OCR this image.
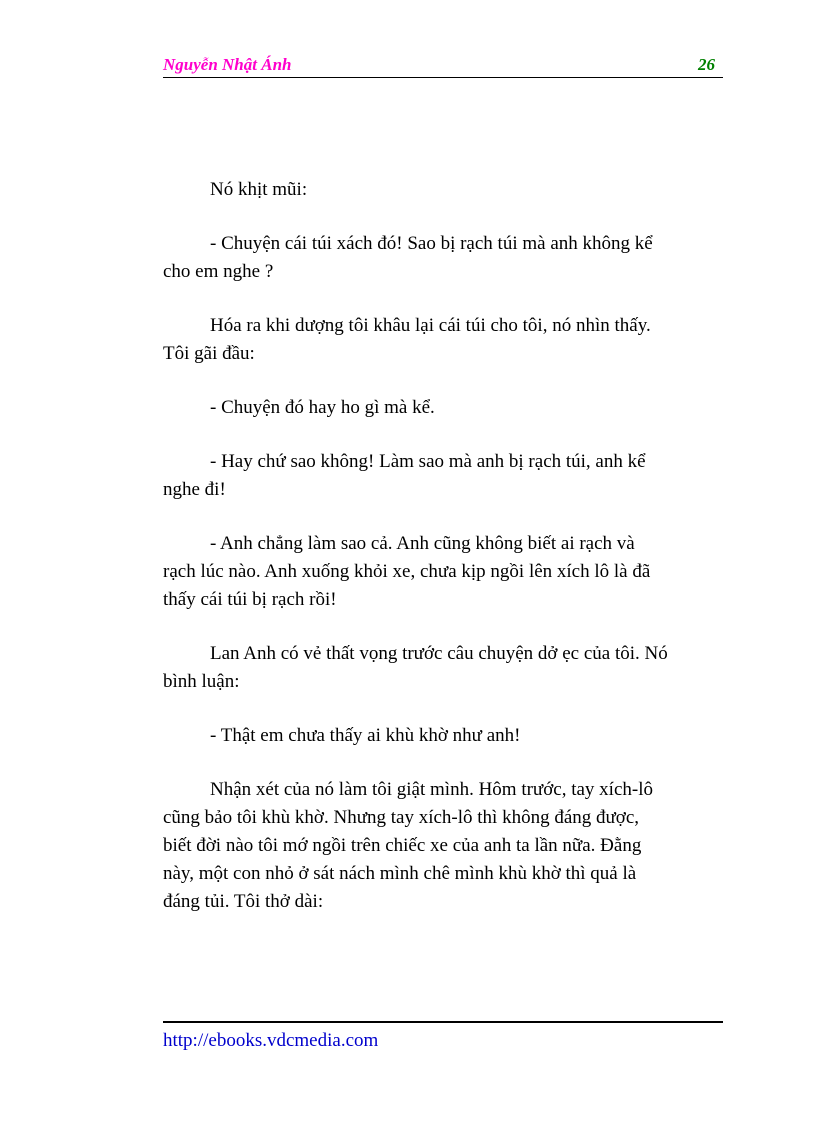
Nguyễn Nhật Ánh	26

Nó khịt mũi:

- Chuyện cái túi xách đó! Sao bị rạch túi mà anh không kể
cho em nghe ?

Hóa ra khi dượng tôi khâu lại cái túi cho tôi, nó nhìn thấy.
Tôi gãi đầu:

- Chuyện đó hay ho gì mà kể.

- Hay chứ sao không! Làm sao mà anh bị rạch túi, anh kể
nghe đi!

- Anh chẳng làm sao cả. Anh cũng không biết ai rạch và
rạch lúc nào. Anh xuống khỏi xe, chưa kịp ngồi lên xích lô là đã
thấy cái túi bị rạch rồi!

Lan Anh có vẻ thất vọng trước câu chuyện dở ẹc của tôi. Nó
bình luận:

- Thật em chưa thấy ai khù khờ như anh!

Nhận xét của nó làm tôi giật mình. Hôm trước, tay xích-lô
cũng bảo tôi khù khờ. Nhưng tay xích-lô thì không đáng được,
biết đời nào tôi mớ ngồi trên chiếc xe của anh ta lần nữa. Đằng
này, một con nhỏ ở sát nách mình chê mình khù khờ thì quả là
đáng tủi. Tôi thở dài:

http://ebooks.vdcmedia.com
